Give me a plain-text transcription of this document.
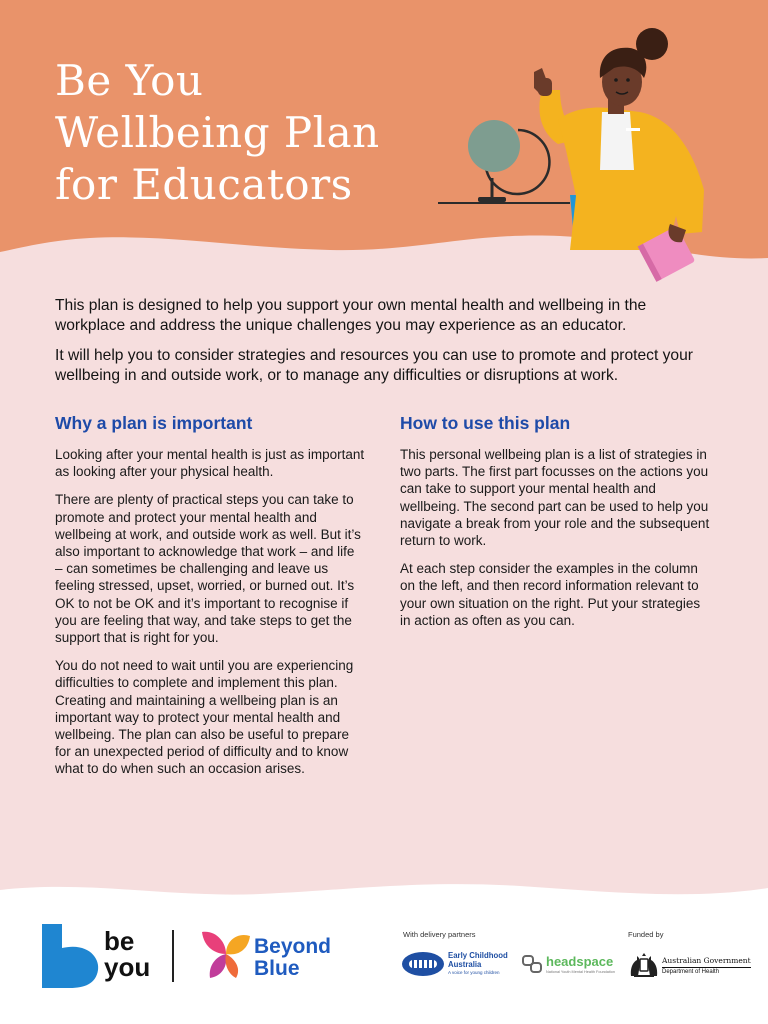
Be You
Wellbeing Plan
for Educators

This plan is designed to help you support your own mental health and wellbeing in the workplace and address the unique challenges you may experience as an educator.

It will help you to consider strategies and resources you can use to promote and protect your wellbeing in and outside work, or to manage any difficulties or disruptions at work.

Why a plan is important

Looking after your mental health is just as important as looking after your physical health.

There are plenty of practical steps you can take to promote and protect your mental health and wellbeing at work, and outside work as well. But it’s also important to acknowledge that work – and life – can sometimes be challenging and leave us feeling stressed, upset, worried, or burned out. It’s OK to not be OK and it’s important to recognise if you are feeling that way, and take steps to get the support that is right for you.

You do not need to wait until you are experiencing difficulties to complete and implement this plan. Creating and maintaining a wellbeing plan is an important way to protect your mental health and wellbeing. The plan can also be useful to prepare for an unexpected period of difficulty and to know what to do when such an occasion arises.

How to use this plan

This personal wellbeing plan is a list of strategies in two parts. The first part focusses on the actions you can take to support your mental health and wellbeing. The second part can be used to help you navigate a break from your role and the subsequent return to work.

At each step consider the examples in the column on the left, and then record information relevant to your own situation on the right. Put your strategies in action as often as you can.

be
you
Beyond
Blue
With delivery partners
Early Childhood Australia
A voice for young children
headspace
National Youth Mental Health Foundation
Funded by
Australian Government
Department of Health
